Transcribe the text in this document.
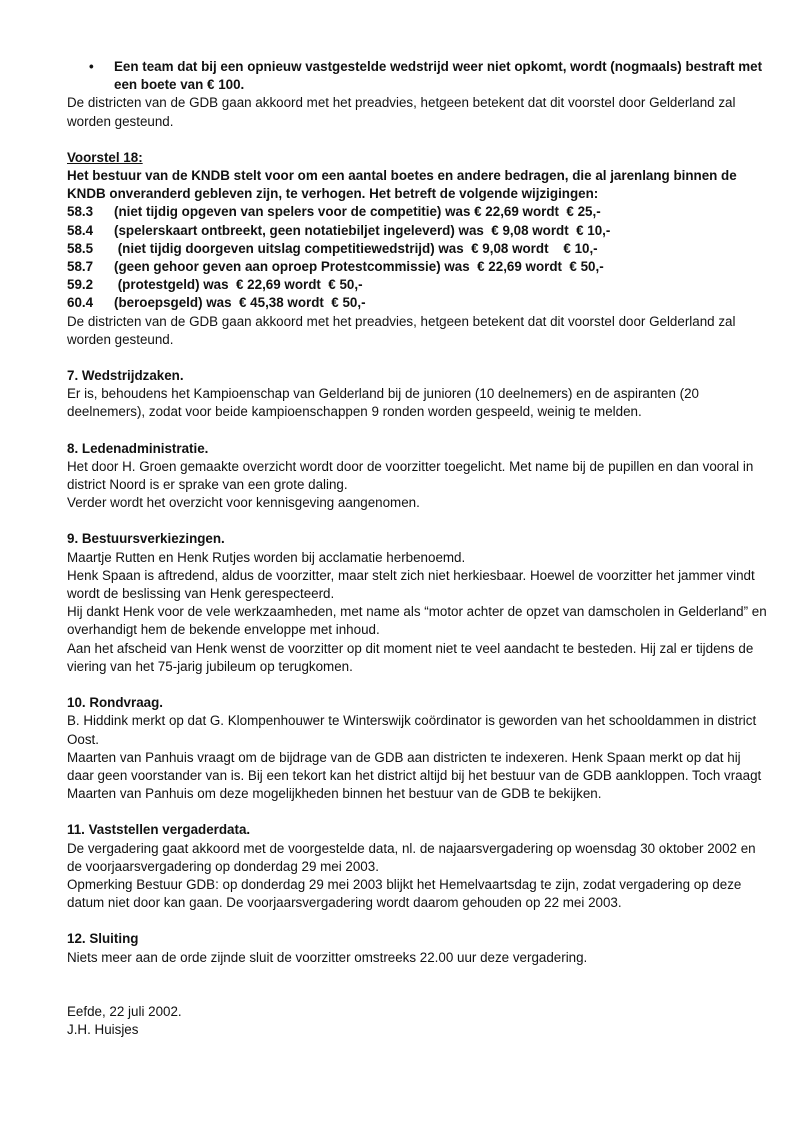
• Een team dat bij een opnieuw vastgestelde wedstrijd weer niet opkomt, wordt (nogmaals) bestraft met een boete van € 100.

De districten van de GDB gaan akkoord met het preadvies, hetgeen betekent dat dit voorstel door Gelderland zal worden gesteund.

Voorstel 18:

Het bestuur van de KNDB stelt voor om een aantal boetes en andere bedragen, die al jarenlang binnen de KNDB onveranderd gebleven zijn, te verhogen. Het betreft de volgende wijzigingen:

58.3	(niet tijdig opgeven van spelers voor de competitie) was € 22,69 wordt  € 25,-
58.4	(spelerskaart ontbreekt, geen notatiebiljet ingeleverd) was  € 9,08 wordt  € 10,-
58.5	(niet tijdig doorgeven uitslag competitiewedstrijd) was  € 9,08 wordt    € 10,-
58.7	(geen gehoor geven aan oproep Protestcommissie) was  € 22,69 wordt  € 50,-
59.2	(protestgeld) was  € 22,69 wordt  € 50,-
60.4	(beroepsgeld) was  € 45,38 wordt  € 50,-

De districten van de GDB gaan akkoord met het preadvies, hetgeen betekent dat dit voorstel door Gelderland zal worden gesteund.

7. Wedstrijdzaken.

Er is, behoudens het Kampioenschap van Gelderland bij de junioren (10 deelnemers) en de aspiranten (20 deelnemers), zodat voor beide kampioenschappen 9 ronden worden gespeeld, weinig te melden.

8. Ledenadministratie.

Het door H. Groen gemaakte overzicht wordt door de voorzitter toegelicht. Met name bij de pupillen en dan vooral in district Noord is er sprake van een grote daling.

Verder wordt het overzicht voor kennisgeving aangenomen.

9. Bestuursverkiezingen.

Maartje Rutten en Henk Rutjes worden bij acclamatie herbenoemd.

Henk Spaan is aftredend, aldus de voorzitter, maar stelt zich niet herkiesbaar. Hoewel de voorzitter het jammer vindt wordt de beslissing van Henk gerespecteerd.

Hij dankt Henk voor de vele werkzaamheden, met name als “motor achter de opzet van damscholen in Gelderland” en overhandigt hem de bekende enveloppe met inhoud.

Aan het afscheid van Henk wenst de voorzitter op dit moment niet te veel aandacht te besteden. Hij zal er tijdens de viering van het 75-jarig jubileum op terugkomen.

10. Rondvraag.

B. Hiddink merkt op dat G. Klompenhouwer te Winterswijk coördinator is geworden van het schooldammen in district Oost.

Maarten van Panhuis vraagt om de bijdrage van de GDB aan districten te indexeren. Henk Spaan merkt op dat hij daar geen voorstander van is. Bij een tekort kan het district altijd bij het bestuur van de GDB aankloppen. Toch vraagt Maarten van Panhuis om deze mogelijkheden binnen het bestuur van de GDB te bekijken.

11. Vaststellen vergaderdata.

De vergadering gaat akkoord met de voorgestelde data, nl. de najaarsvergadering op woensdag 30 oktober 2002 en de voorjaarsvergadering op donderdag 29 mei 2003.

Opmerking Bestuur GDB: op donderdag 29 mei 2003 blijkt het Hemelvaartsdag te zijn, zodat vergadering op deze datum niet door kan gaan. De voorjaarsvergadering wordt daarom gehouden op 22 mei 2003.

12. Sluiting

Niets meer aan de orde zijnde sluit de voorzitter omstreeks 22.00 uur deze vergadering.

Eefde, 22 juli 2002.

J.H. Huisjes
